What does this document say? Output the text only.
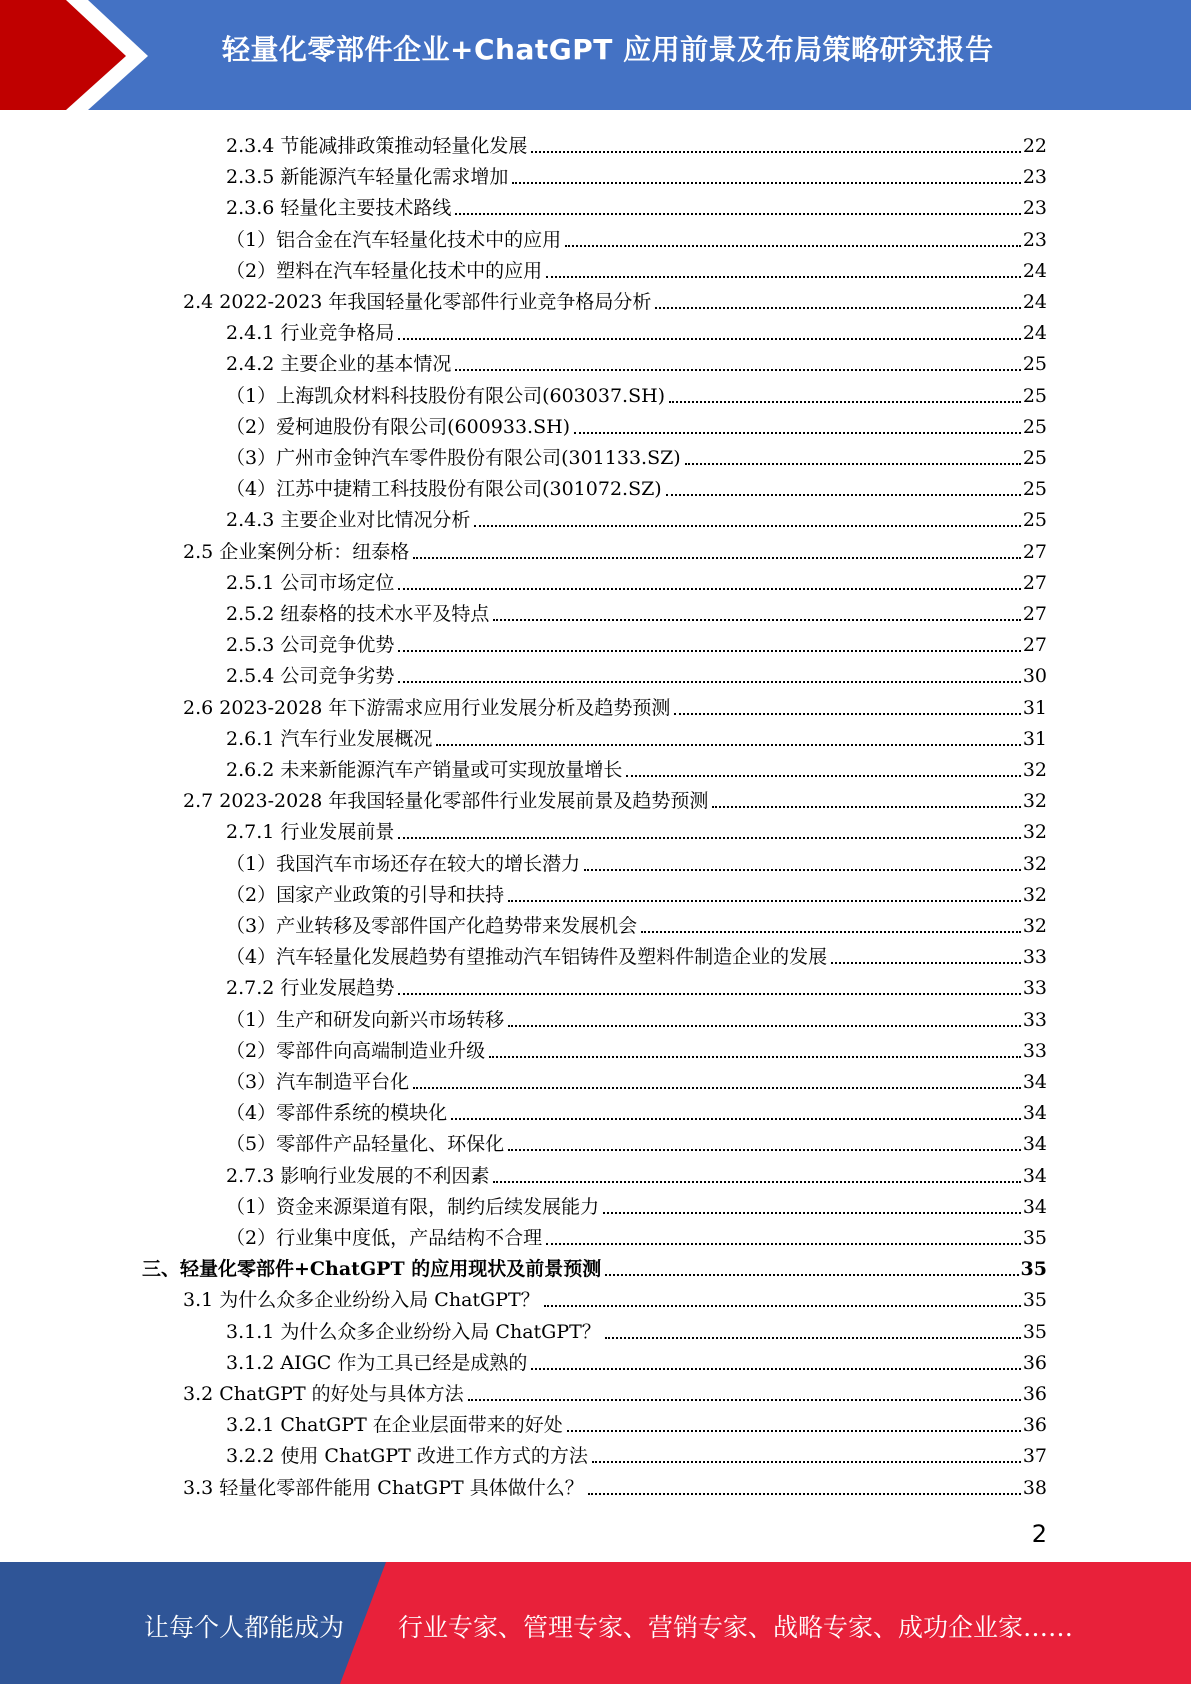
轻量化零部件企业+ChatGPT 应用前景及布局策略研究报告
2.3.4 节能减排政策推动轻量化发展	22
2.3.5 新能源汽车轻量化需求增加	23
2.3.6 轻量化主要技术路线	23
（1）铝合金在汽车轻量化技术中的应用	23
（2）塑料在汽车轻量化技术中的应用	24
2.4 2022-2023 年我国轻量化零部件行业竞争格局分析	24
2.4.1 行业竞争格局	24
2.4.2 主要企业的基本情况	25
（1）上海凯众材料科技股份有限公司(603037.SH)	25
（2）爱柯迪股份有限公司(600933.SH)	25
（3）广州市金钟汽车零件股份有限公司(301133.SZ)	25
（4）江苏中捷精工科技股份有限公司(301072.SZ)	25
2.4.3 主要企业对比情况分析	25
2.5 企业案例分析：纽泰格	27
2.5.1 公司市场定位	27
2.5.2 纽泰格的技术水平及特点	27
2.5.3 公司竞争优势	27
2.5.4 公司竞争劣势	30
2.6 2023-2028 年下游需求应用行业发展分析及趋势预测	31
2.6.1 汽车行业发展概况	31
2.6.2 未来新能源汽车产销量或可实现放量增长	32
2.7 2023-2028 年我国轻量化零部件行业发展前景及趋势预测	32
2.7.1 行业发展前景	32
（1）我国汽车市场还存在较大的增长潜力	32
（2）国家产业政策的引导和扶持	32
（3）产业转移及零部件国产化趋势带来发展机会	32
（4）汽车轻量化发展趋势有望推动汽车铝铸件及塑料件制造企业的发展	33
2.7.2 行业发展趋势	33
（1）生产和研发向新兴市场转移	33
（2）零部件向高端制造业升级	33
（3）汽车制造平台化	34
（4）零部件系统的模块化	34
（5）零部件产品轻量化、环保化	34
2.7.3 影响行业发展的不利因素	34
（1）资金来源渠道有限，制约后续发展能力	34
（2）行业集中度低，产品结构不合理	35
三、轻量化零部件+ChatGPT 的应用现状及前景预测	35
3.1 为什么众多企业纷纷入局 ChatGPT？	35
3.1.1 为什么众多企业纷纷入局 ChatGPT？	35
3.1.2 AIGC 作为工具已经是成熟的	36
3.2 ChatGPT 的好处与具体方法	36
3.2.1 ChatGPT 在企业层面带来的好处	36
3.2.2 使用 ChatGPT 改进工作方式的方法	37
3.3 轻量化零部件能用 ChatGPT 具体做什么？	38
2
让每个人都能成为 行业专家、管理专家、营销专家、战略专家、成功企业家……
